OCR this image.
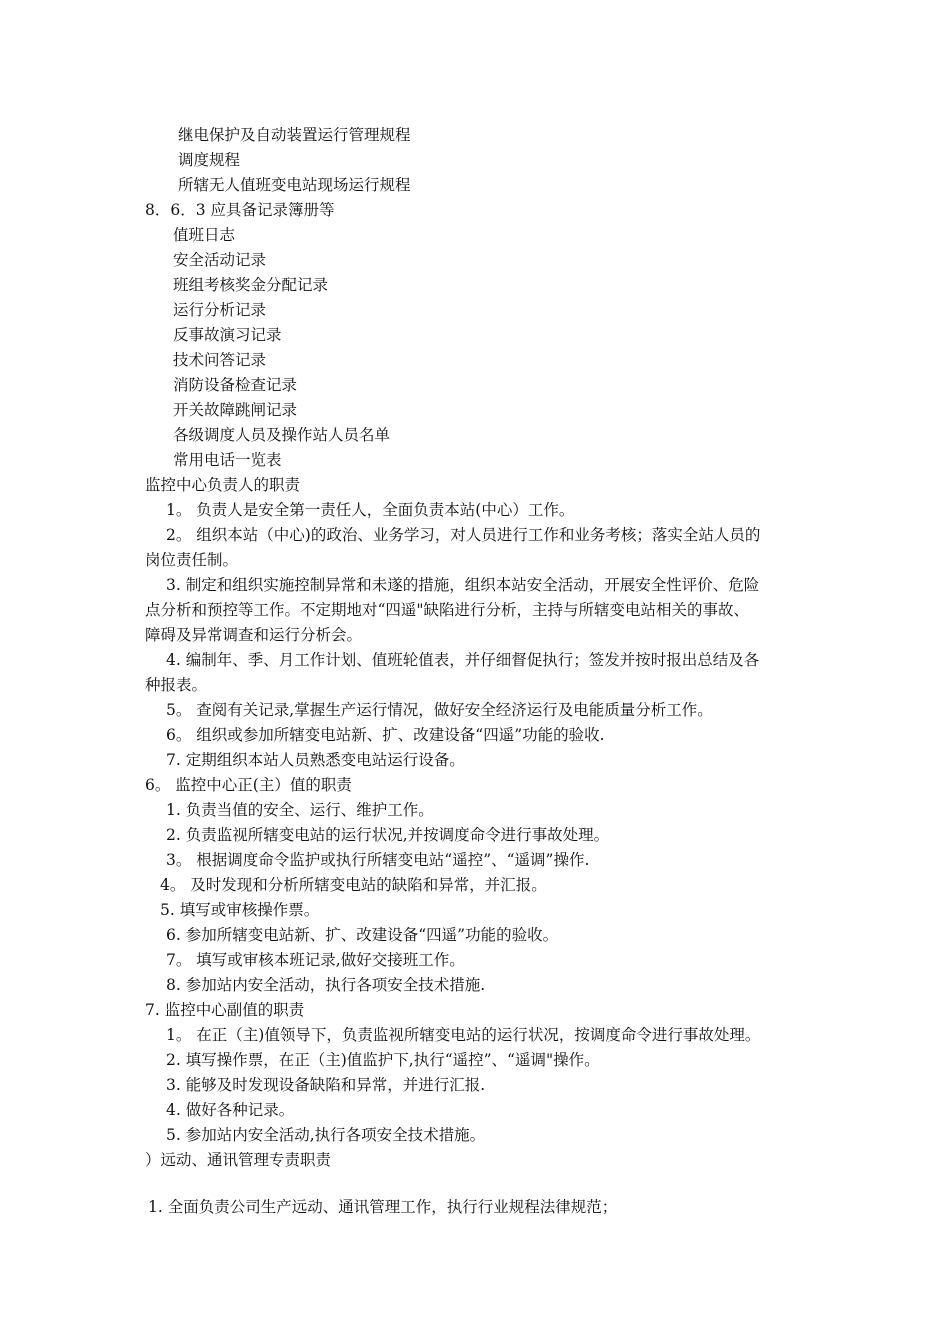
继电保护及自动装置运行管理规程
调度规程
所辖无人值班变电站现场运行规程
8．6．3 应具备记录簿册等
值班日志
安全活动记录
班组考核奖金分配记录
运行分析记录
反事故演习记录
技术问答记录
消防设备检查记录
开关故障跳闸记录
各级调度人员及操作站人员名单
常用电话一览表
监控中心负责人的职责
1。 负责人是安全第一责任人，全面负责本站(中心）工作。
2。 组织本站（中心)的政治、业务学习，对人员进行工作和业务考核；落实全站人员的
岗位责任制。
3. 制定和组织实施控制异常和未遂的措施，组织本站安全活动，开展安全性评价、危险
点分析和预控等工作。不定期地对“四遥"缺陷进行分析，主持与所辖变电站相关的事故、
障碍及异常调查和运行分析会。
4. 编制年、季、月工作计划、值班轮值表，并仔细督促执行；签发并按时报出总结及各
种报表。
5。 查阅有关记录,掌握生产运行情况，做好安全经济运行及电能质量分析工作。
6。 组织或参加所辖变电站新、扩、改建设备“四遥”功能的验收.
7. 定期组织本站人员熟悉变电站运行设备。
6。 监控中心正(主）值的职责
1. 负责当值的安全、运行、维护工作。
2. 负责监视所辖变电站的运行状况,并按调度命令进行事故处理。
3。 根据调度命令监护或执行所辖变电站“遥控”、“遥调”操作.
4。 及时发现和分析所辖变电站的缺陷和异常，并汇报。
5. 填写或审核操作票。
6. 参加所辖变电站新、扩、改建设备“四遥”功能的验收。
7。 填写或审核本班记录,做好交接班工作。
8. 参加站内安全活动，执行各项安全技术措施.
7. 监控中心副值的职责
1。 在正（主)值领导下，负责监视所辖变电站的运行状况，按调度命令进行事故处理。
2. 填写操作票，在正（主)值监护下,执行“遥控”、“遥调"操作。
3. 能够及时发现设备缺陷和异常，并进行汇报.
4. 做好各种记录。
5. 参加站内安全活动,执行各项安全技术措施。
）远动、通讯管理专责职责
1. 全面负责公司生产远动、通讯管理工作，执行行业规程法律规范；
